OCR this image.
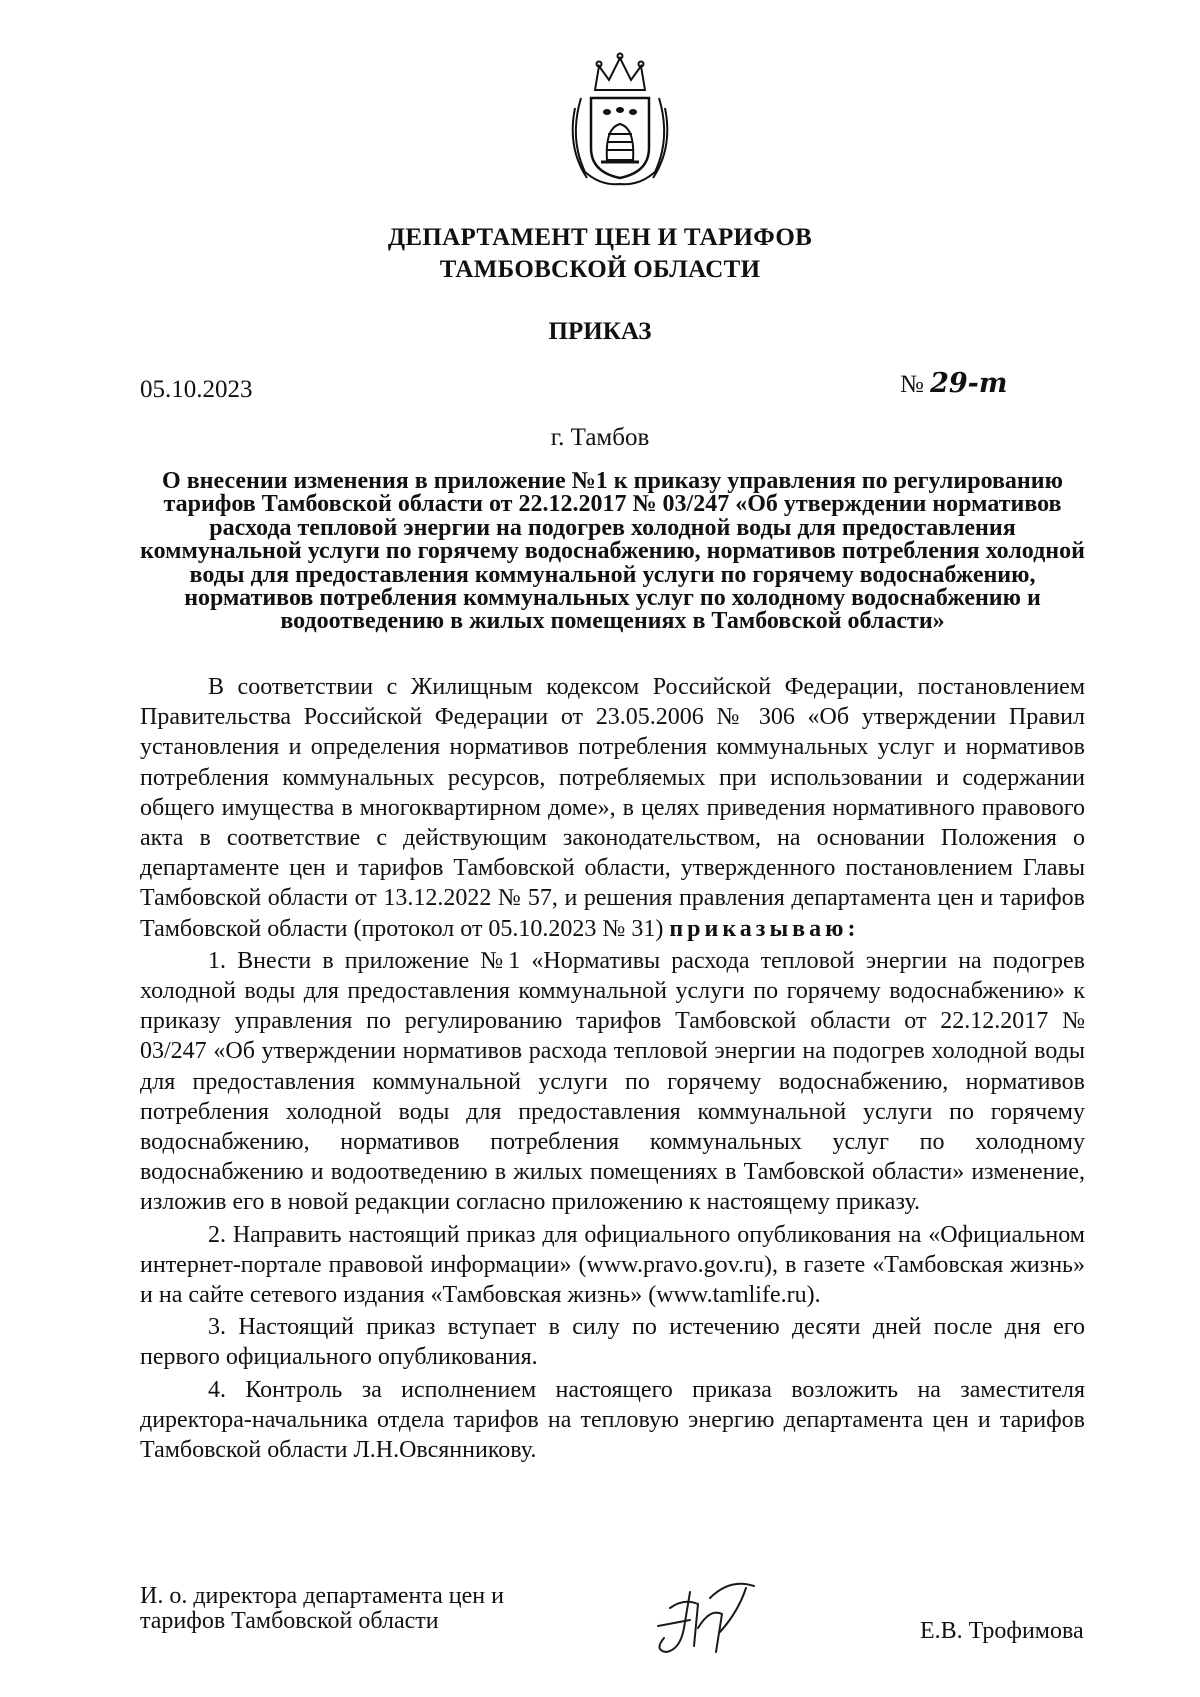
ДЕПАРТАМЕНТ ЦЕН И ТАРИФОВ
ТАМБОВСКОЙ ОБЛАСТИ
ПРИКАЗ
05.10.2023	№ 29-т
г. Тамбов
О внесении изменения в приложение №1 к приказу управления по регулированию тарифов Тамбовской области от 22.12.2017 № 03/247 «Об утверждении нормативов расхода тепловой энергии на подогрев холодной воды для предоставления коммунальной услуги по горячему водоснабжению, нормативов потребления холодной воды для предоставления коммунальной услуги по горячему водоснабжению, нормативов потребления коммунальных услуг по холодному водоснабжению и водоотведению в жилых помещениях в Тамбовской области»

В соответствии с Жилищным кодексом Российской Федерации, постановлением Правительства Российской Федерации от 23.05.2006 № 306 «Об утверждении Правил установления и определения нормативов потребления коммунальных услуг и нормативов потребления коммунальных ресурсов, потребляемых при использовании и содержании общего имущества в многоквартирном доме», в целях приведения нормативного правового акта в соответствие с действующим законодательством, на основании Положения о департаменте цен и тарифов Тамбовской области, утвержденного постановлением Главы Тамбовской области от 13.12.2022 № 57, и решения правления департамента цен и тарифов Тамбовской области (протокол от 05.10.2023 № 31) приказываю:

1. Внести в приложение №1 «Нормативы расхода тепловой энергии на подогрев холодной воды для предоставления коммунальной услуги по горячему водоснабжению» к приказу управления по регулированию тарифов Тамбовской области от 22.12.2017 № 03/247 «Об утверждении нормативов расхода тепловой энергии на подогрев холодной воды для предоставления коммунальной услуги по горячему водоснабжению, нормативов потребления холодной воды для предоставления коммунальной услуги по горячему водоснабжению, нормативов потребления коммунальных услуг по холодному водоснабжению и водоотведению в жилых помещениях в Тамбовской области» изменение, изложив его в новой редакции согласно приложению к настоящему приказу.

2. Направить настоящий приказ для официального опубликования на «Официальном интернет-портале правовой информации» (www.pravo.gov.ru), в газете «Тамбовская жизнь» и на сайте сетевого издания «Тамбовская жизнь» (www.tamlife.ru).

3. Настоящий приказ вступает в силу по истечению десяти дней после дня его первого официального опубликования.

4. Контроль за исполнением настоящего приказа возложить на заместителя директора-начальника отдела тарифов на тепловую энергию департамента цен и тарифов Тамбовской области Л.Н.Овсянникову.

И. о. директора департамента цен и
тарифов Тамбовской области	Е.В. Трофимова
